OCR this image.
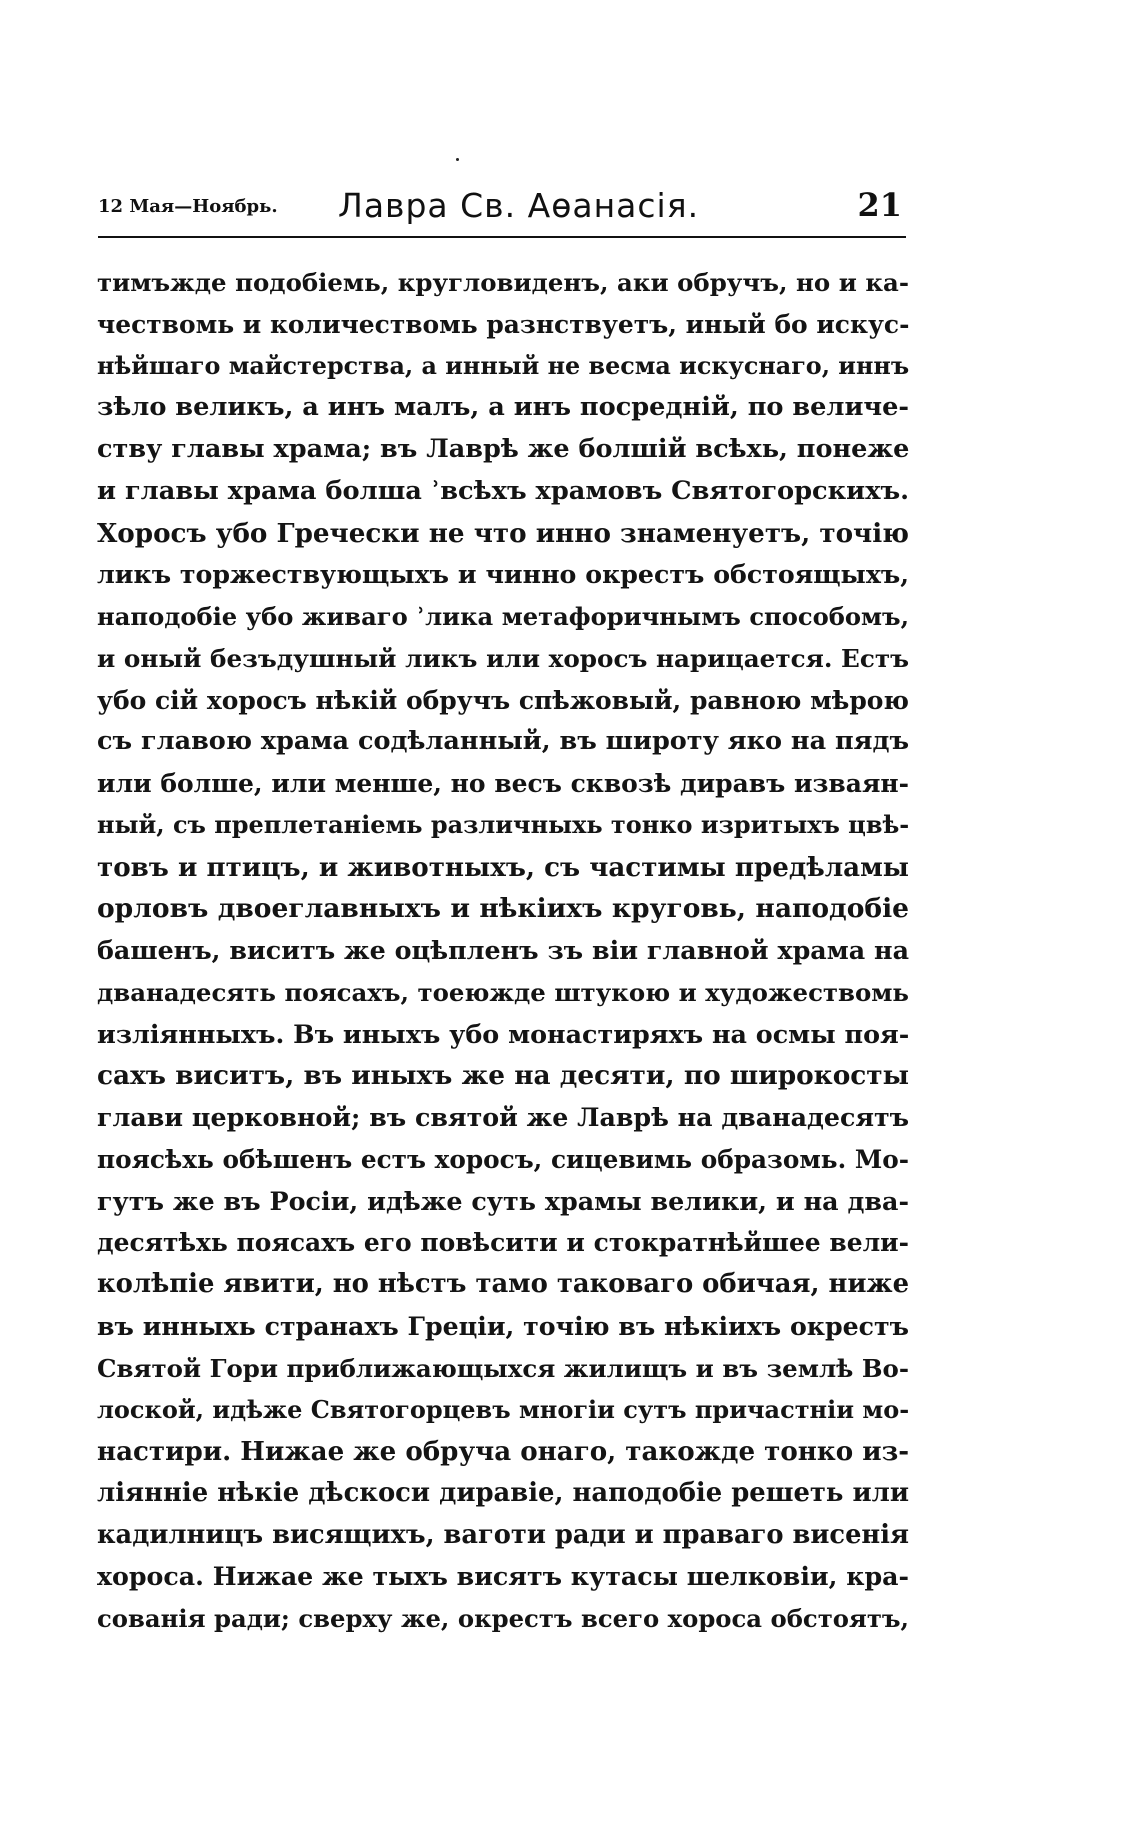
12 Мая—Ноябрь. Лавра Св. Аѳанасія.	21
тимъжде подобіемь, кругловиденъ, аки обручъ, но и ка-
чествомь и количествомь разнствуетъ, иный бо искус-
нѣйшаго майстерства, а инный не весма искуснаго, иннъ
зѣло великъ, а инъ малъ, а инъ посредній, по величе-
ству главы храма; въ Лаврѣ же болшій всѣхь, понеже
и главы храма болша ʾвсѣхъ храмовъ Святогорскихъ.
Хоросъ убо Гречески не что инно знаменуетъ, точію
ликъ торжествующыхъ и чинно окрестъ обстоящыхъ,
наподобіе убо живаго ʾлика метафоричнымъ способомъ,
и оный безъдушный ликъ или хоросъ нарицается. Естъ
убо сій хоросъ нѣкій обручъ спѣжовый, равною мѣрою
съ главою храма содѣланный, въ широту яко на пядъ
или болше, или менше, но весъ сквозѣ диравъ изваян-
ный, съ преплетаніемь различныхь тонко изритыхъ цвѣ-
товъ и птицъ, и животныхъ, съ частимы предѣламы
орловъ двоеглавныхъ и нѣкіихъ круговь, наподобіе
башенъ, виситъ же оцѣпленъ зъ віи главной храма на
дванадесять поясахъ, тоеюжде штукою и художествомь
изліянныхъ. Въ иныхъ убо монастиряхъ на осмы поя-
сахъ виситъ, въ иныхъ же на десяти, по широкосты
глави церковной; въ святой же Лаврѣ на дванадесятъ
поясѣхь обѣшенъ естъ хоросъ, сицевимь образомь. Мо-
гутъ же въ Росіи, идѣже суть храмы велики, и на два-
десятѣхь поясахъ его повѣсити и стократнѣйшее вели-
колѣпіе явити, но нѣстъ тамо таковаго обичая, ниже
въ инныхь странахъ Греціи, точію въ нѣкіихъ окрестъ
Святой Гори приближающыхся жилищъ и въ землѣ Во-
лоской, идѣже Святогорцевъ многіи сутъ причастніи мо-
настири. Нижае же обруча онаго, такожде тонко из-
ліянніе нѣкіе дѣскоси диравіе, наподобіе решеть или
кадилницъ висящихъ, ваготи ради и праваго висенія
хороса. Нижае же тыхъ висятъ кутасы шелковіи, кра-
сованія ради; сверху же, окрестъ всего хороса обстоятъ,
